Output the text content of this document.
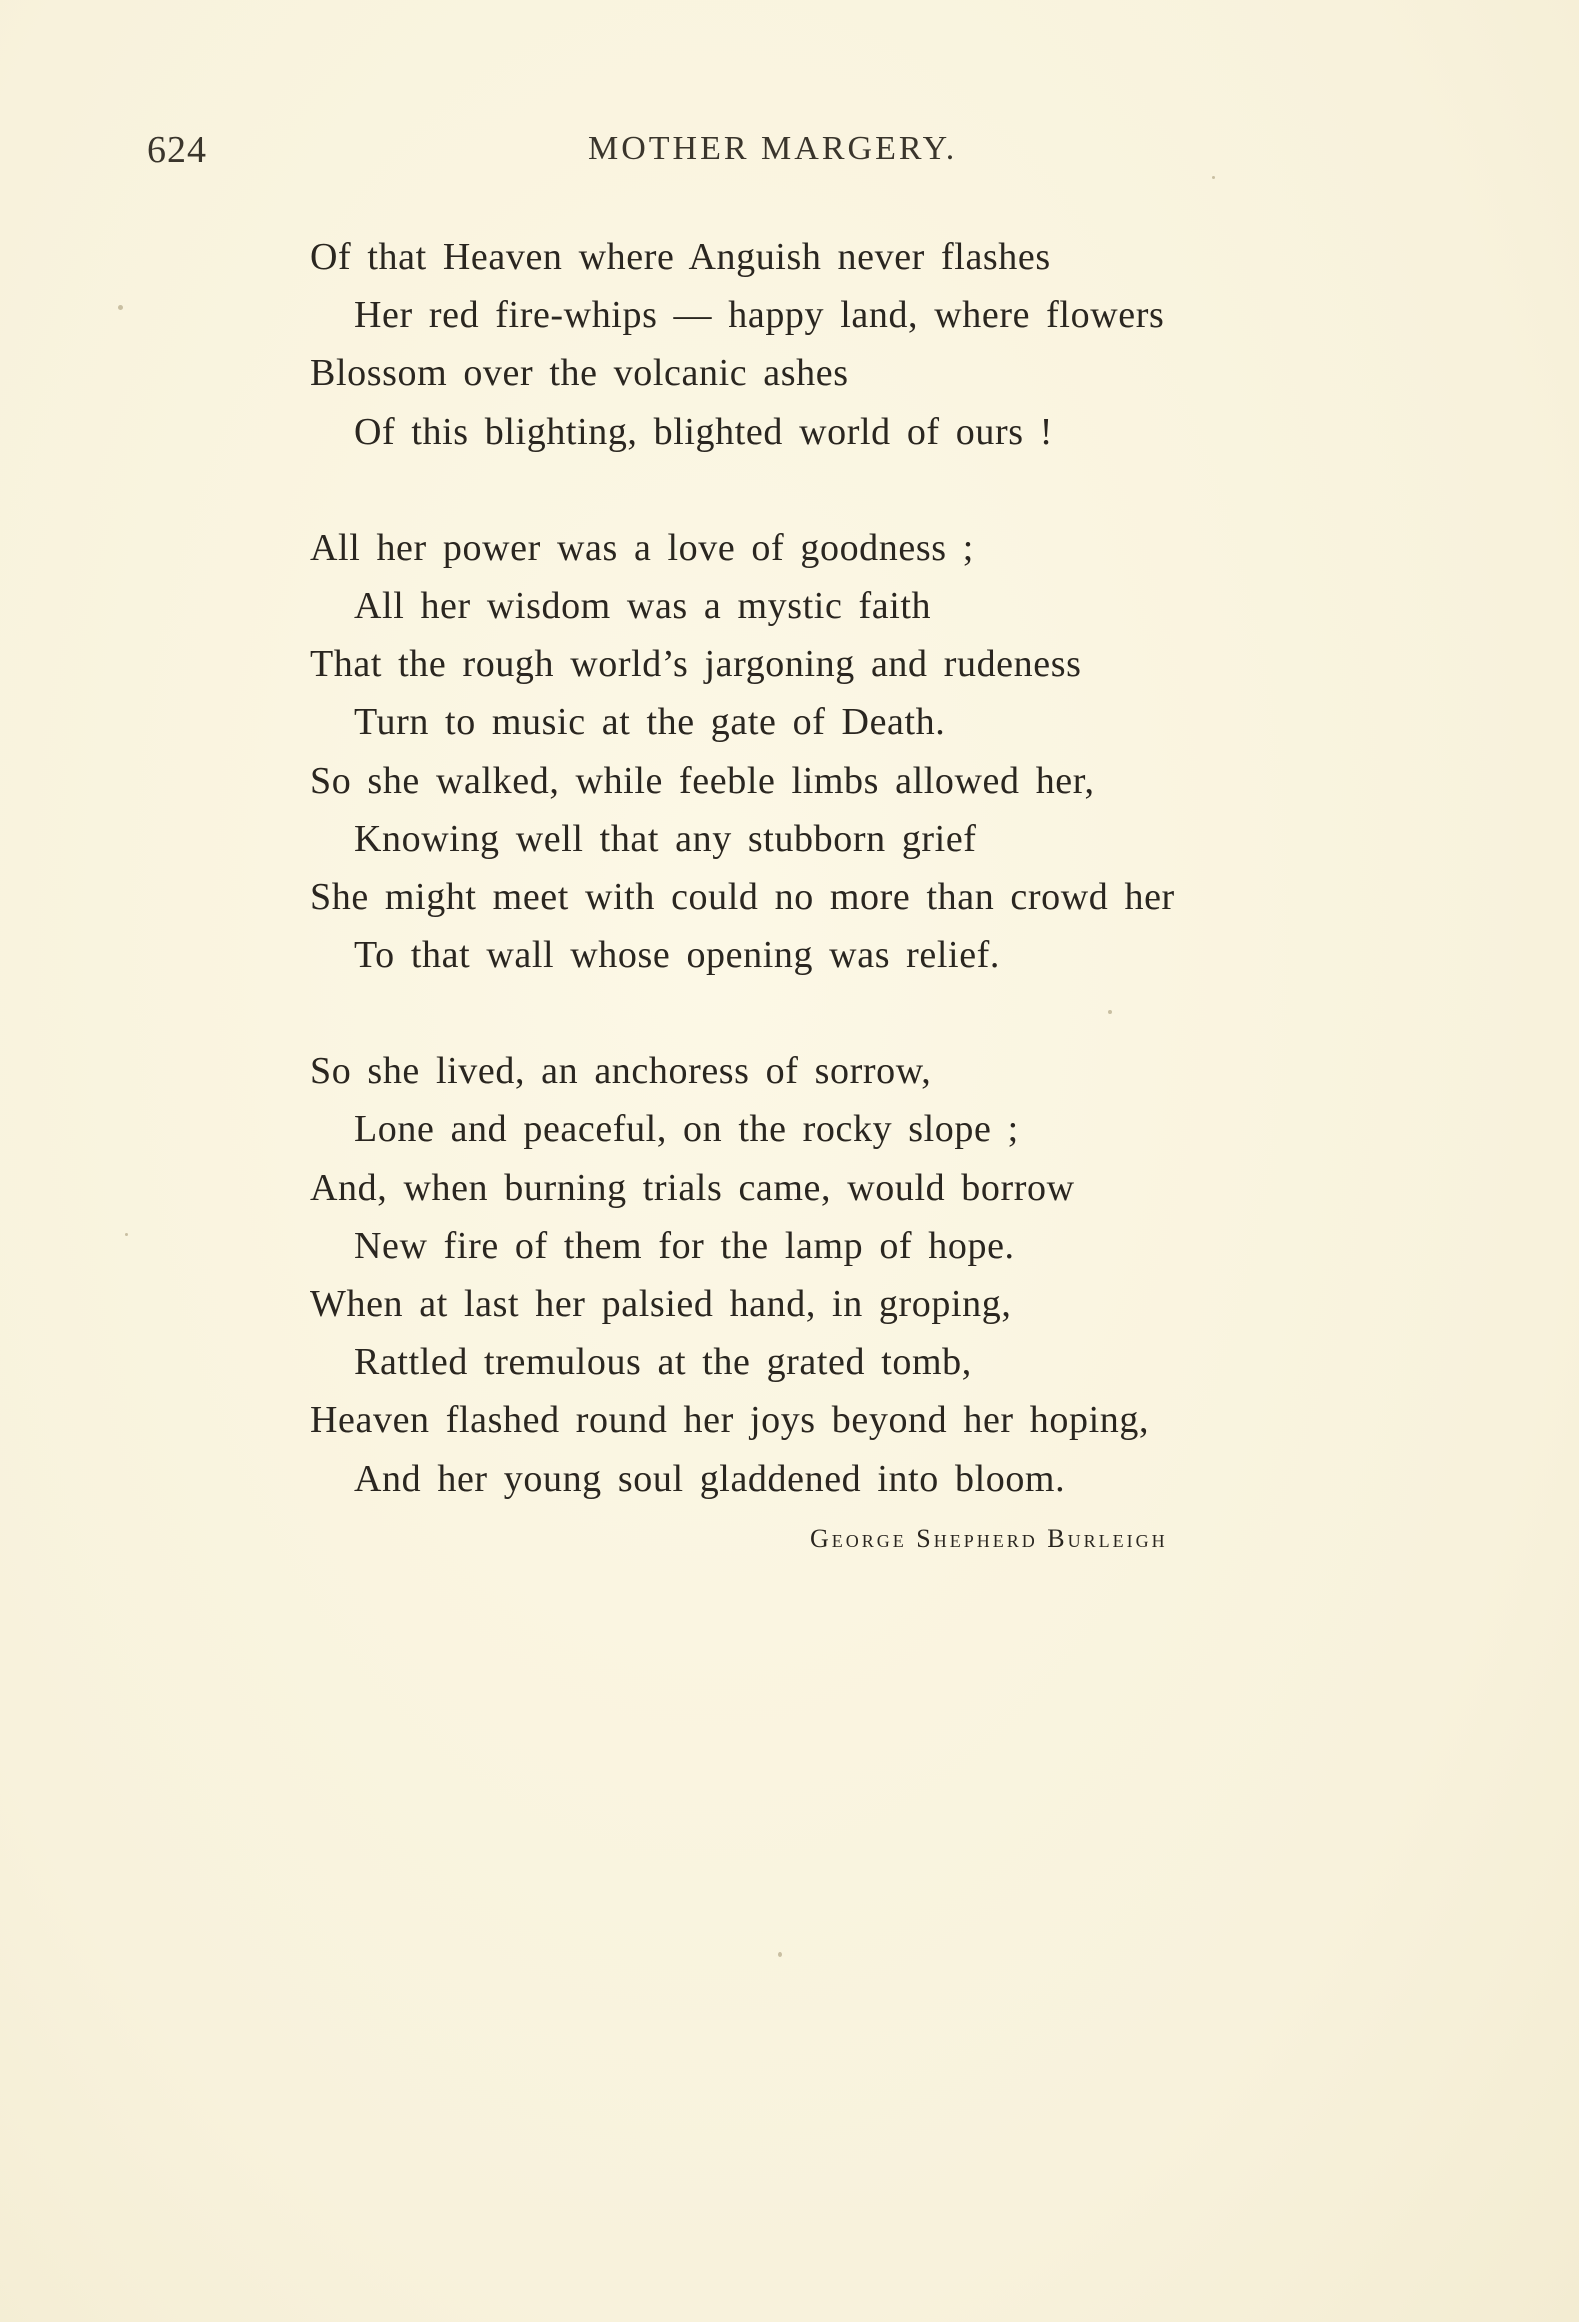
624	MOTHER MARGERY.
Of that Heaven where Anguish never flashes
Her red fire-whips — happy land, where flowers
Blossom over the volcanic ashes
Of this blighting, blighted world of ours !
All her power was a love of goodness ;
All her wisdom was a mystic faith
That the rough world’s jargoning and rudeness
Turn to music at the gate of Death.
So she walked, while feeble limbs allowed her,
Knowing well that any stubborn grief
She might meet with could no more than crowd her
To that wall whose opening was relief.
So she lived, an anchoress of sorrow,
Lone and peaceful, on the rocky slope ;
And, when burning trials came, would borrow
New fire of them for the lamp of hope.
When at last her palsied hand, in groping,
Rattled tremulous at the grated tomb,
Heaven flashed round her joys beyond her hoping,
And her young soul gladdened into bloom.
George Shepherd Burleigh
